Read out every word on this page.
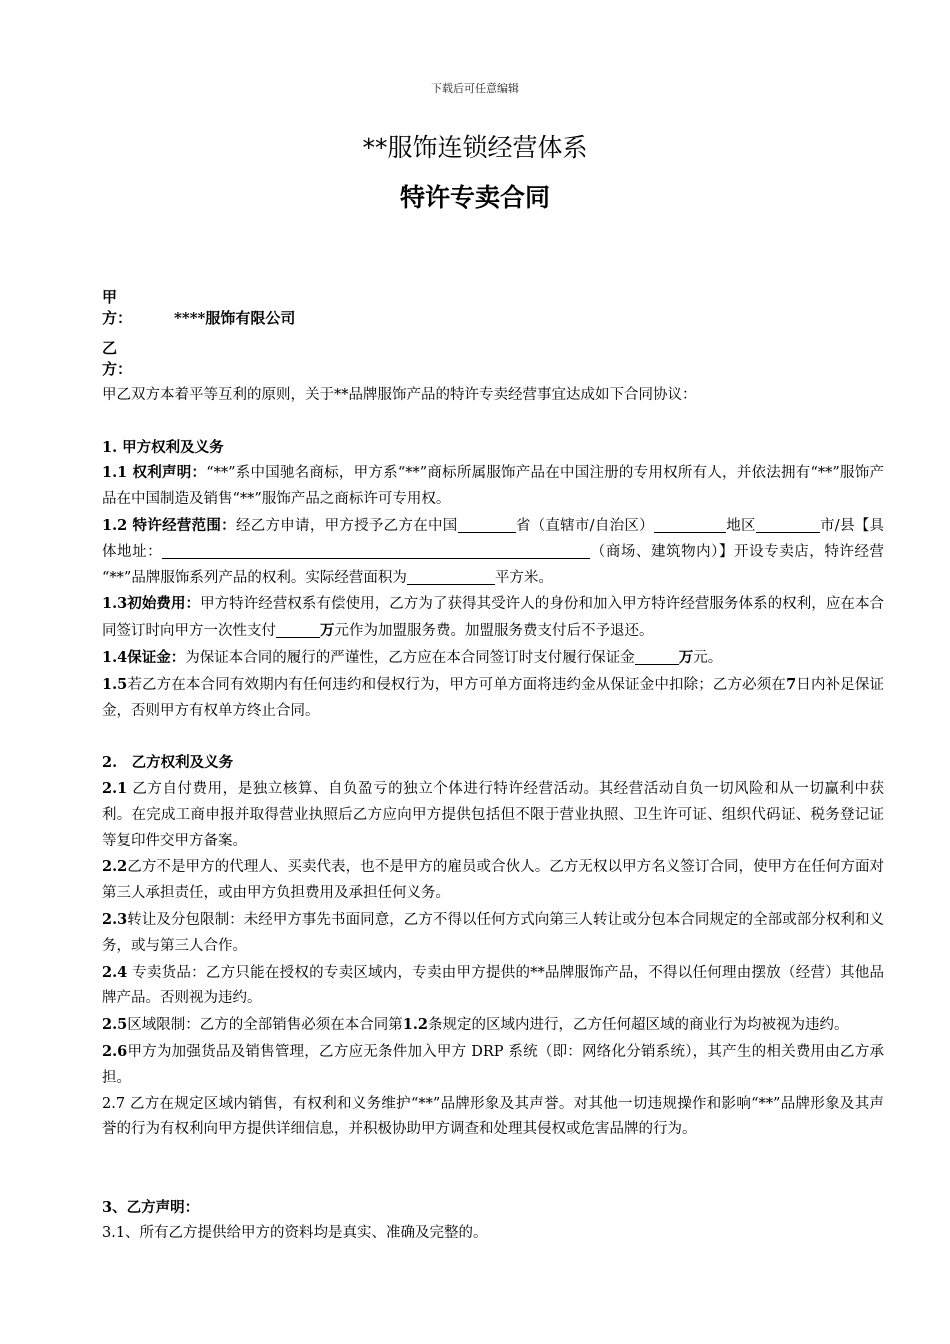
下载后可任意编辑
**服饰连锁经营体系
特许专卖合同
甲　　方：	****服饰有限公司
乙　　方：

甲乙双方本着平等互利的原则，关于**品牌服饰产品的特许专卖经营事宜达成如下合同协议：

1. 甲方权利及义务

1.1 权利声明：“**”系中国驰名商标，甲方系“**”商标所属服饰产品在中国注册的专用权所有人，并依法拥有“**”服饰产品在中国制造及销售“**”服饰产品之商标许可专用权。

1.2 特许经营范围：经乙方申请，甲方授予乙方在中国	省（直辖市/自治区）	地区	市/县【具体地址：	（商场、建筑物内）】开设专卖店，特许经营 “**”品牌服饰系列产品的权利。实际经营面积为	平方米。

1.3初始费用：甲方特许经营权系有偿使用，乙方为了获得其受许人的身份和加入甲方特许经营服务体系的权利，应在本合同签订时向甲方一次性支付	万元作为加盟服务费。加盟服务费支付后不予退还。

1.4保证金：为保证本合同的履行的严谨性，乙方应在本合同签订时支付履行保证金	万元。

1.5若乙方在本合同有效期内有任何违约和侵权行为，甲方可单方面将违约金从保证金中扣除；乙方必须在7日内补足保证金，否则甲方有权单方终止合同。

2.　乙方权利及义务

2.1 乙方自付费用，是独立核算、自负盈亏的独立个体进行特许经营活动。其经营活动自负一切风险和从一切赢利中获利。在完成工商申报并取得营业执照后乙方应向甲方提供包括但不限于营业执照、卫生许可证、组织代码证、税务登记证等复印件交甲方备案。

2.2乙方不是甲方的代理人、买卖代表，也不是甲方的雇员或合伙人。乙方无权以甲方名义签订合同，使甲方在任何方面对第三人承担责任，或由甲方负担费用及承担任何义务。

2.3转让及分包限制：未经甲方事先书面同意，乙方不得以任何方式向第三人转让或分包本合同规定的全部或部分权利和义务，或与第三人合作。

2.4 专卖货品：乙方只能在授权的专卖区域内，专卖由甲方提供的**品牌服饰产品，不得以任何理由摆放（经营）其他品牌产品。否则视为违约。

2.5区域限制：乙方的全部销售必须在本合同第1.2条规定的区域内进行，乙方任何超区域的商业行为均被视为违约。

2.6甲方为加强货品及销售管理，乙方应无条件加入甲方 DRP 系统（即：网络化分销系统），其产生的相关费用由乙方承担。

2.7 乙方在规定区域内销售，有权利和义务维护“**”品牌形象及其声誉。对其他一切违规操作和影响“**”品牌形象及其声誉的行为有权利向甲方提供详细信息，并积极协助甲方调查和处理其侵权或危害品牌的行为。

3、乙方声明：

3.1、所有乙方提供给甲方的资料均是真实、准确及完整的。
